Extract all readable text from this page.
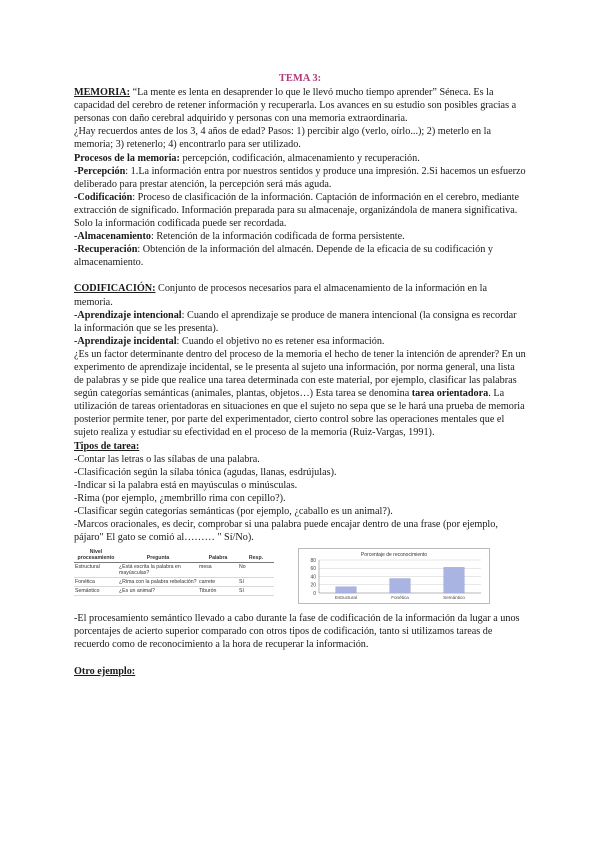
TEMA 3:

MEMORIA: “La mente es lenta en desaprender lo que le llevó mucho tiempo aprender” Séneca. Es la capacidad del cerebro de retener información y recuperarla. Los avances en su estudio son posibles gracias a personas con daño cerebral adquirido y personas con una memoria extraordinaria.

¿Hay recuerdos antes de los 3, 4 años de edad? Pasos: 1) percibir algo (verlo, oírlo...); 2) meterlo en la memoria; 3) retenerlo; 4) encontrarlo para ser utilizado.

Procesos de la memoria: percepción, codificación, almacenamiento y recuperación.

-Percepción: 1.La información entra por nuestros sentidos y produce una impresión. 2.Si hacemos un esfuerzo deliberado para prestar atención, la percepción será más aguda.

-Codificación: Proceso de clasificación de la información. Captación de información en el cerebro, mediante extracción de significado. Información preparada para su almacenaje, organizándola de manera significativa. Solo la información codificada puede ser recordada.

-Almacenamiento: Retención de la información codificada de forma persistente.

-Recuperación: Obtención de la información del almacén. Depende de la eficacia de su codificación y almacenamiento.

CODIFICACIÓN: Conjunto de procesos necesarios para el almacenamiento de la información en la memoria.

-Aprendizaje intencional: Cuando el aprendizaje se produce de manera intencional (la consigna es recordar la información que se les presenta).

-Aprendizaje incidental: Cuando el objetivo no es retener esa información.

¿Es un factor determinante dentro del proceso de la memoria el hecho de tener la intención de aprender? En un experimento de aprendizaje incidental, se le presenta al sujeto una información, por norma general, una lista de palabras y se pide que realice una tarea determinada con este material, por ejemplo, clasificar las palabras según categorías semánticas (animales, plantas, objetos…) Esta tarea se denomina tarea orientadora. La utilización de tareas orientadoras en situaciones en que el sujeto no sepa que se le hará una prueba de memoria posterior permite tener, por parte del experimentador, cierto control sobre las operaciones mentales que el sujeto realiza y estudiar su efectividad en el proceso de la memoria (Ruiz-Vargas, 1991).

Tipos de tarea:

-Contar las letras o las sílabas de una palabra.

-Clasificación según la sílaba tónica (agudas, llanas, esdrújulas).

-Indicar si la palabra está en mayúsculas o minúsculas.

-Rima (por ejemplo, ¿membrillo rima con cepillo?).

-Clasificar según categorías semánticas (por ejemplo, ¿caballo es un animal?).

-Marcos oracionales, es decir, comprobar si una palabra puede encajar dentro de una frase (por ejemplo, pájaro" El gato se comió al……… " Sí/No).

Nivel procesamiento	Pregunta	Palabra	Resp.
Estructural	¿Está escrita la palabra en mayúsculas?	mesa	No
Fonética	¿Rima con la palabra rebelación?	carrete	Sí
Semántico	¿Es un animal?	Tiburón	Sí
Porcentaje de reconocimiento
0
20
40
60
80
Estructural	Fonética	Semántico

-El procesamiento semántico llevado a cabo durante la fase de codificación de la información da lugar a unos porcentajes de acierto superior comparado con otros tipos de codificación, tanto si utilizamos tareas de recuerdo como de reconocimiento a la hora de recuperar la información.

Otro ejemplo:
